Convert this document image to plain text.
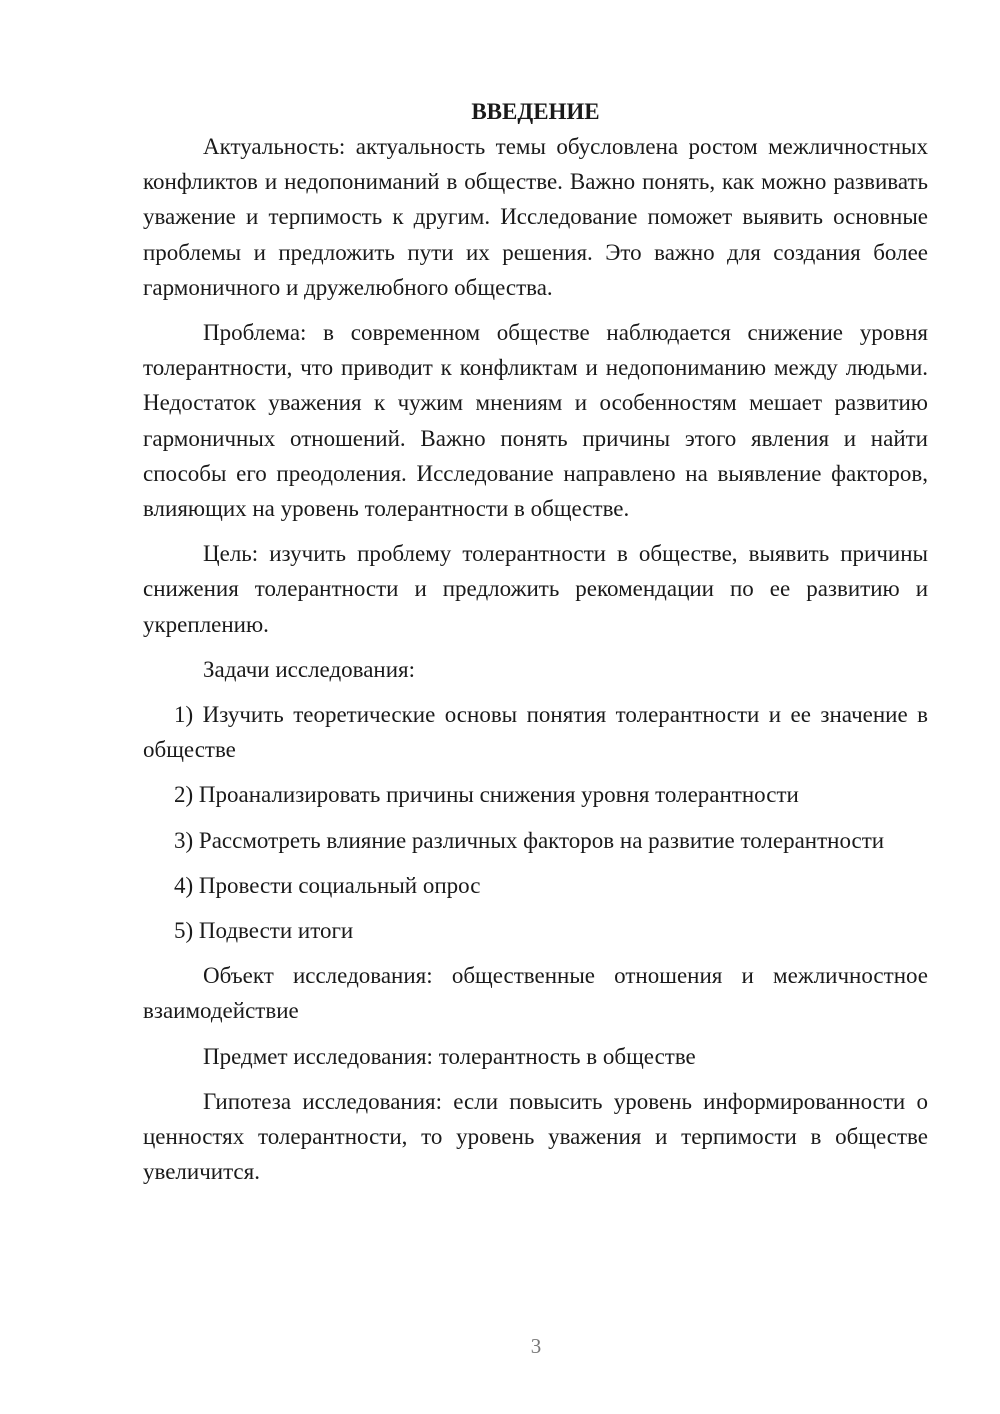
ВВЕДЕНИЕ

Актуальность: актуальность темы обусловлена ростом межличностных конфликтов и недопониманий в обществе. Важно понять, как можно развивать уважение и терпимость к другим. Исследование поможет выявить основные проблемы и предложить пути их решения. Это важно для создания более гармоничного и дружелюбного общества.

Проблема: в современном обществе наблюдается снижение уровня толерантности, что приводит к конфликтам и недопониманию между людьми. Недостаток уважения к чужим мнениям и особенностям мешает развитию гармоничных отношений. Важно понять причины этого явления и найти способы его преодоления. Исследование направлено на выявление факторов, влияющих на уровень толерантности в обществе.

Цель: изучить проблему толерантности в обществе, выявить причины снижения толерантности и предложить рекомендации по ее развитию и укреплению.

Задачи исследования:

1) Изучить теоретические основы понятия толерантности и ее значение в обществе

2) Проанализировать причины снижения уровня толерантности

3) Рассмотреть влияние различных факторов на развитие толерантности

4) Провести социальный опрос

5) Подвести итоги

Объект исследования: общественные отношения и межличностное взаимодействие

Предмет исследования: толерантность в обществе

Гипотеза исследования: если повысить уровень информированности о ценностях толерантности, то уровень уважения и терпимости в обществе увеличится.

3
